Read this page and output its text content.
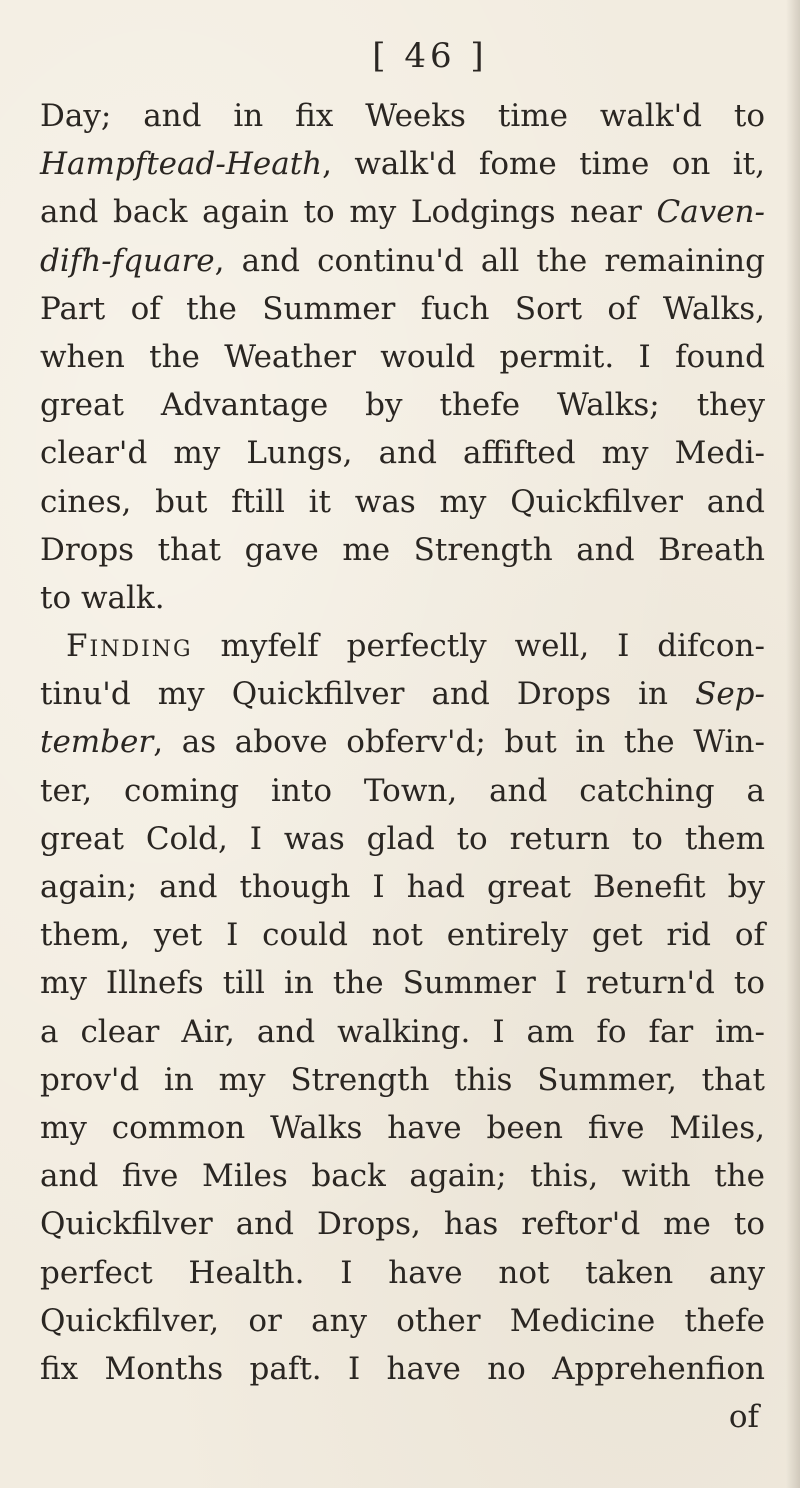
[ 46 ]
Day; and in fix Weeks time walk'd to
Hampftead-Heath, walk'd fome time on it,
and back again to my Lodgings near Caven-
difh-fquare, and continu'd all the remaining
Part of the Summer fuch Sort of Walks,
when the Weather would permit. I found
great Advantage by thefe Walks; they
clear'd my Lungs, and affifted my Medi-
cines, but ftill it was my Quickfilver and
Drops that gave me Strength and Breath
to walk.
Finding myfelf perfectly well, I difcon-
tinu'd my Quickfilver and Drops in Sep-
tember, as above obferv'd; but in the Win-
ter, coming into Town, and catching a
great Cold, I was glad to return to them
again; and though I had great Benefit by
them, yet I could not entirely get rid of
my Illnefs till in the Summer I return'd to
a clear Air, and walking. I am fo far im-
prov'd in my Strength this Summer, that
my common Walks have been five Miles,
and five Miles back again; this, with the
Quickfilver and Drops, has reftor'd me to
perfect Health. I have not taken any
Quickfilver, or any other Medicine thefe
fix Months paft. I have no Apprehenfion
of
